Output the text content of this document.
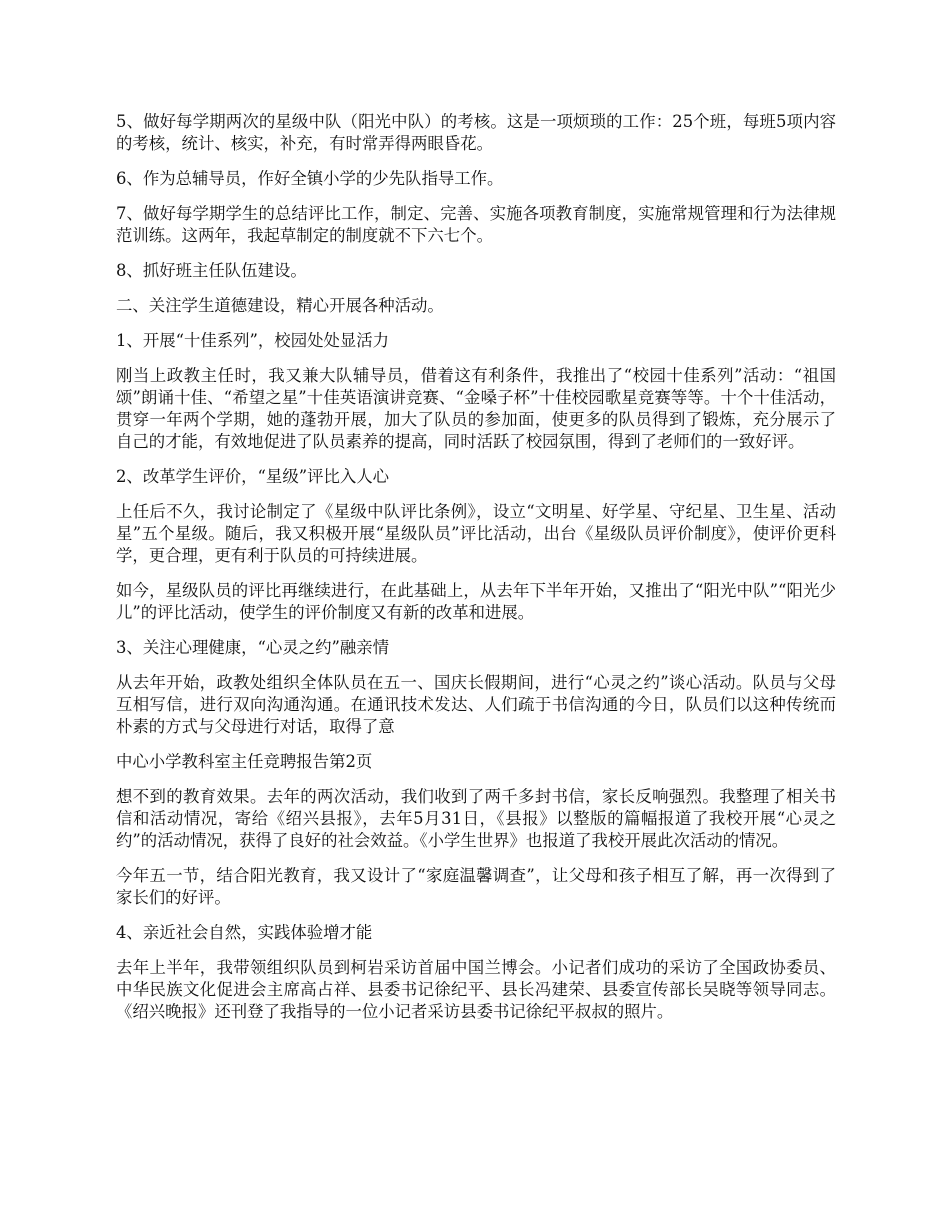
5、做好每学期两次的星级中队（阳光中队）的考核。这是一项烦琐的工作：25个班，每班5项内容的考核，统计、核实，补充，有时常弄得两眼昏花。

6、作为总辅导员，作好全镇小学的少先队指导工作。

7、做好每学期学生的总结评比工作，制定、完善、实施各项教育制度，实施常规管理和行为法律规范训练。这两年，我起草制定的制度就不下六七个。

8、抓好班主任队伍建设。

二、关注学生道德建设，精心开展各种活动。

1、开展“十佳系列”，校园处处显活力

刚当上政教主任时，我又兼大队辅导员，借着这有利条件，我推出了“校园十佳系列”活动：“祖国颂”朗诵十佳、“希望之星”十佳英语演讲竞赛、“金嗓子杯”十佳校园歌星竞赛等等。十个十佳活动，贯穿一年两个学期，她的蓬勃开展，加大了队员的参加面，使更多的队员得到了锻炼，充分展示了自己的才能，有效地促进了队员素养的提高，同时活跃了校园氛围，得到了老师们的一致好评。

2、改革学生评价，“星级”评比入人心

上任后不久，我讨论制定了《星级中队评比条例》，设立“文明星、好学星、守纪星、卫生星、活动星”五个星级。随后，我又积极开展“星级队员”评比活动，出台《星级队员评价制度》，使评价更科学，更合理，更有利于队员的可持续进展。

如今，星级队员的评比再继续进行，在此基础上，从去年下半年开始，又推出了“阳光中队”“阳光少儿”的评比活动，使学生的评价制度又有新的改革和进展。

3、关注心理健康，“心灵之约”融亲情

从去年开始，政教处组织全体队员在五一、国庆长假期间，进行“心灵之约”谈心活动。队员与父母互相写信，进行双向沟通沟通。在通讯技术发达、人们疏于书信沟通的今日，队员们以这种传统而朴素的方式与父母进行对话，取得了意

中心小学教科室主任竞聘报告第2页

想不到的教育效果。去年的两次活动，我们收到了两千多封书信，家长反响强烈。我整理了相关书信和活动情况，寄给《绍兴县报》，去年5月31日，《县报》以整版的篇幅报道了我校开展“心灵之约”的活动情况，获得了良好的社会效益。《小学生世界》也报道了我校开展此次活动的情况。

今年五一节，结合阳光教育，我又设计了“家庭温馨调查”，让父母和孩子相互了解，再一次得到了家长们的好评。

4、亲近社会自然，实践体验增才能

去年上半年，我带领组织队员到柯岩采访首届中国兰博会。小记者们成功的采访了全国政协委员、中华民族文化促进会主席高占祥、县委书记徐纪平、县长冯建荣、县委宣传部长吴晓等领导同志。《绍兴晚报》还刊登了我指导的一位小记者采访县委书记徐纪平叔叔的照片。
